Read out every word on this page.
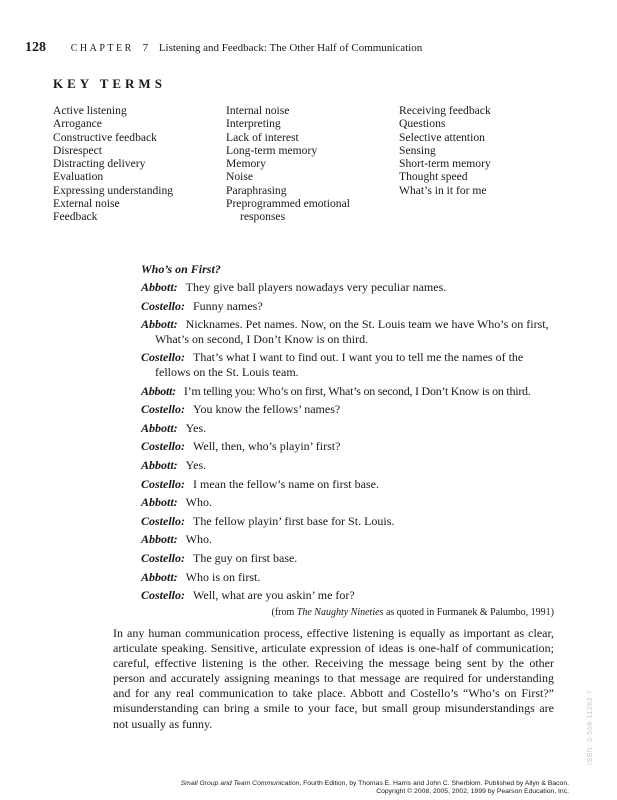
128 CHAPTER 7 Listening and Feedback: The Other Half of Communication
KEY TERMS
Active listening
Arrogance
Constructive feedback
Disrespect
Distracting delivery
Evaluation
Expressing understanding
External noise
Feedback
Internal noise
Interpreting
Lack of interest
Long-term memory
Memory
Noise
Paraphrasing
Preprogrammed emotional
responses
Receiving feedback
Questions
Selective attention
Sensing
Short-term memory
Thought speed
What’s in it for me

Who’s on First?

Abbott: They give ball players nowadays very peculiar names.

Costello: Funny names?

Abbott: Nicknames. Pet names. Now, on the St. Louis team we have Who’s on first, What’s on second, I Don’t Know is on third.

Costello: That’s what I want to find out. I want you to tell me the names of the fellows on the St. Louis team.

Abbott: I’m telling you: Who’s on first, What’s on second, I Don’t Know is on third.

Costello: You know the fellows’ names?

Abbott: Yes.

Costello: Well, then, who’s playin’ first?

Abbott: Yes.

Costello: I mean the fellow’s name on first base.

Abbott: Who.

Costello: The fellow playin’ first base for St. Louis.

Abbott: Who.

Costello: The guy on first base.

Abbott: Who is on first.

Costello: Well, what are you askin’ me for?

(from The Naughty Nineties as quoted in Furmanek & Palumbo, 1991)

In any human communication process, effective listening is equally as important as clear, articulate speaking. Sensitive, articulate expression of ideas is one-half of communication; careful, effective listening is the other. Receiving the message being sent by the other person and accurately assigning meanings to that message are required for understanding and for any real communication to take place. Abbott and Costello’s “Who’s on First?” misunderstanding can bring a smile to your face, but small group misunderstandings are not usually as funny.	ISBN: 0-558-11283-7
Small Group and Team Communication, Fourth Edition, by Thomas E. Harris and John C. Sherblom. Published by Allyn & Bacon.
Copyright © 2008, 2005, 2002, 1999 by Pearson Education, Inc.
